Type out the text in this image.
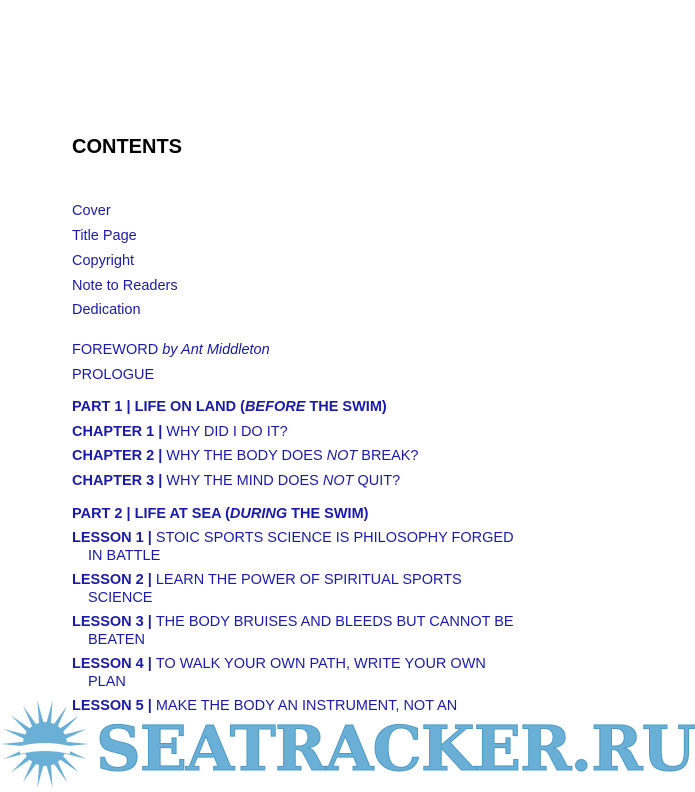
CONTENTS
Cover
Title Page
Copyright
Note to Readers
Dedication
FOREWORD by Ant Middleton
PROLOGUE
PART 1 | LIFE ON LAND (BEFORE THE SWIM)
CHAPTER 1 | WHY DID I DO IT?
CHAPTER 2 | WHY THE BODY DOES NOT BREAK?
CHAPTER 3 | WHY THE MIND DOES NOT QUIT?
PART 2 | LIFE AT SEA (DURING THE SWIM)
LESSON 1 | STOIC SPORTS SCIENCE IS PHILOSOPHY FORGED
IN BATTLE
LESSON 2 | LEARN THE POWER OF SPIRITUAL SPORTS
SCIENCE
LESSON 3 | THE BODY BRUISES AND BLEEDS BUT CANNOT BE
BEATEN
LESSON 4 | TO WALK YOUR OWN PATH, WRITE YOUR OWN
PLAN
LESSON 5 | MAKE THE BODY AN INSTRUMENT, NOT AN
SEATRACKER.RU
